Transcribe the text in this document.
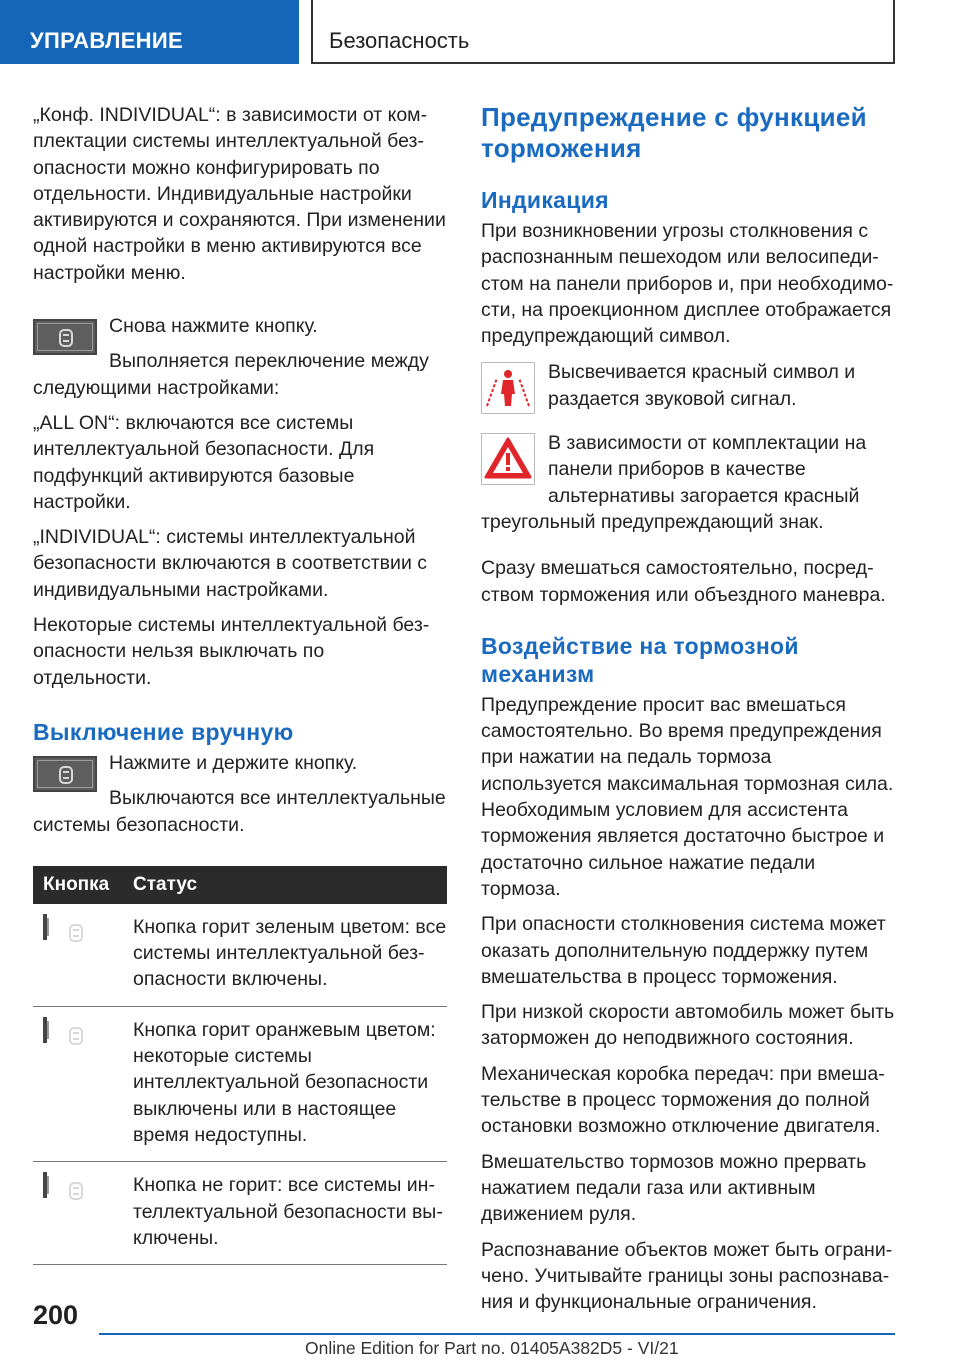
УПРАВЛЕНИЕ	Безопасность

„Конф. INDIVIDUAL“: в зависимости от комплектации системы интеллектуальной безопасности можно конфигурировать по отдельности. Индивидуальные настройки активируются и сохраняются. При изменении одной настройки в меню активируются все настройки меню.

Снова нажмите кнопку.

Выполняется переключение между следующими настройками:

„ALL ON“: включаются все системы интеллектуальной безопасности. Для подфункций активируются базовые настройки.

„INDIVIDUAL“: системы интеллектуальной безопасности включаются в соответствии с индивидуальными настройками.

Некоторые системы интеллектуальной безопасности нельзя выключать по отдельности.

Выключение вручную

Нажмите и держите кнопку.

Выключаются все интеллектуальные системы безопасности.

Кнопка	Статус

	Кнопка горит зеленым цветом: все системы интеллектуальной безопасности включены.

	Кнопка горит оранжевым цветом: некоторые системы интеллектуальной безопасности выключены или в настоящее время недоступны.

	Кнопка не горит: все системы интеллектуальной безопасности выключены.
Предупреждение с функцией торможения
Индикация

При возникновении угрозы столкновения с распознанным пешеходом или велосипедистом на панели приборов и, при необходимости, на проекционном дисплее отображается предупреждающий символ.

Высвечивается красный символ и раздается звуковой сигнал.

В зависимости от комплектации на панели приборов в качестве альтернативы загорается красный треугольный предупреждающий знак.

Сразу вмешаться самостоятельно, посредством торможения или объездного маневра.

Воздействие на тормозной механизм

Предупреждение просит вас вмешаться самостоятельно. Во время предупреждения при нажатии на педаль тормоза используется максимальная тормозная сила. Необходимым условием для ассистента торможения является достаточно быстрое и достаточно сильное нажатие педали тормоза.

При опасности столкновения система может оказать дополнительную поддержку путем вмешательства в процесс торможения.

При низкой скорости автомобиль может быть заторможен до неподвижного состояния.

Механическая коробка передач: при вмешательстве в процесс торможения до полной остановки возможно отключение двигателя.

Вмешательство тормозов можно прервать нажатием педали газа или активным движением руля.

Распознавание объектов может быть ограничено. Учитывайте границы зоны распознавания и функциональные ограничения.

200
Online Edition for Part no. 01405A382D5 - VI/21
